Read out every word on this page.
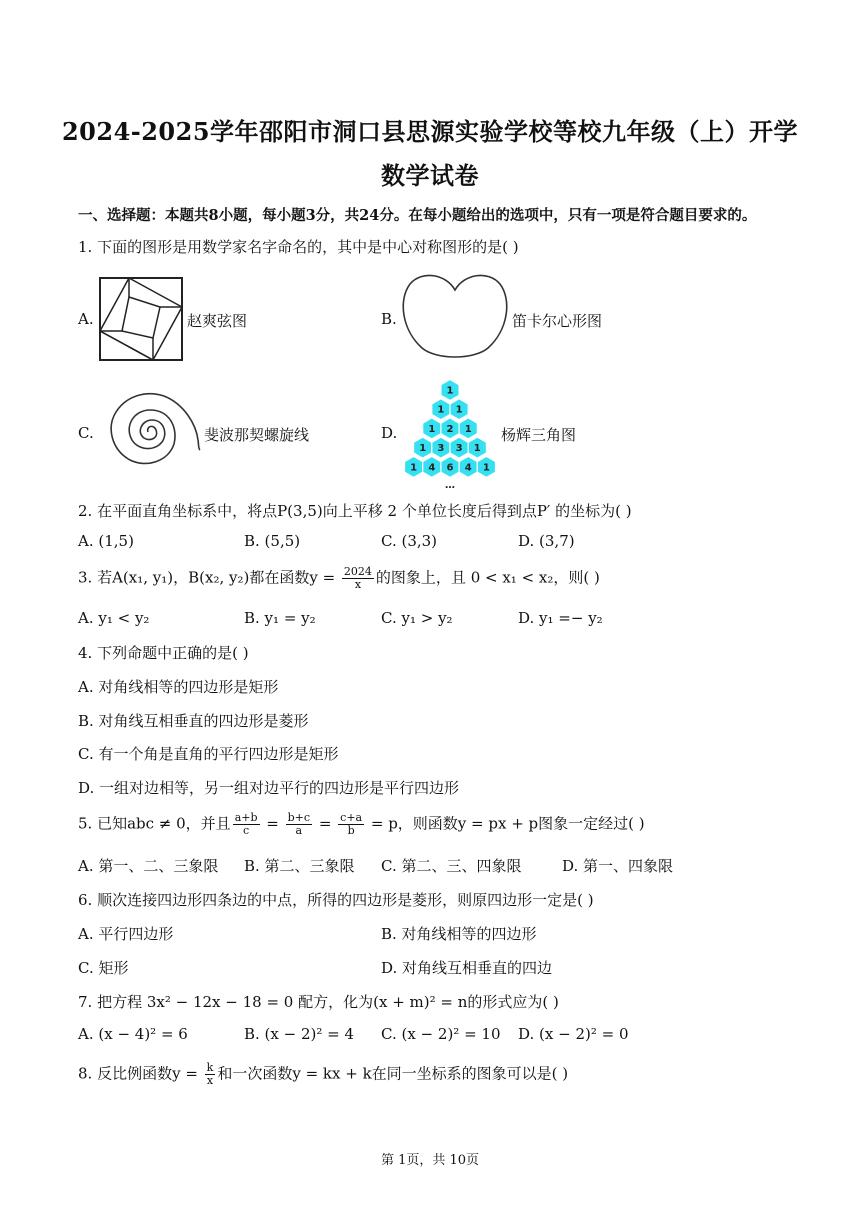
2024-2025学年邵阳市洞口县思源实验学校等校九年级（上）开学
数学试卷
一、选择题：本题共8小题，每小题3分，共24分。在每小题给出的选项中，只有一项是符合题目要求的。
1. 下面的图形是用数学家名字命名的，其中是中心对称图形的是( )
A.	赵爽弦图	B.	笛卡尔心形图
C.	斐波那契螺旋线	D.
1
1 1
1 2 1
1 3 3 1
1 4 6 4 1
…
杨辉三角图
2. 在平面直角坐标系中，将点P(3,5)向上平移 2 个单位长度后得到点P′ 的坐标为( )
A. (1,5)	B. (5,5)	C. (3,3)	D. (3,7)
3. 若A(x₁, y₁)，B(x₂, y₂)都在函数$y = \frac{2024}{x}$ 的图象上，且 0 < x₁ < x₂，则( )
A. y₁ < y₂	B. y₁ = y₂	C. y₁ > y₂	D. y₁ =− y₂
4. 下列命题中正确的是( )
A. 对角线相等的四边形是矩形
B. 对角线互相垂直的四边形是菱形
C. 有一个角是直角的平行四边形是矩形
D. 一组对边相等，另一组对边平行的四边形是平行四边形
5. 已知abc ≠ 0，并且 $\frac{a+b}{c} = \frac{b+c}{a} = \frac{c+a}{b} = p$，则函数y = px + p图象一定经过( )
A. 第一、二、三象限 B. 第二、三象限 C. 第二、三、四象限	D. 第一、四象限
6. 顺次连接四边形四条边的中点，所得的四边形是菱形，则原四边形一定是( )
A. 平行四边形	B. 对角线相等的四边形
C. 矩形	D. 对角线互相垂直的四边
7. 把方程 3x² − 12x − 18 = 0 配方，化为(x + m)² = n的形式应为( )
A. (x − 4)² = 6	B. (x − 2)² = 4 C. (x − 2)² = 10 D. (x − 2)² = 0
8. 反比例函数$y = \frac{k}{x}$ 和一次函数y = kx + k在同一坐标系的图象可以是( )
第 1页，共 10页
